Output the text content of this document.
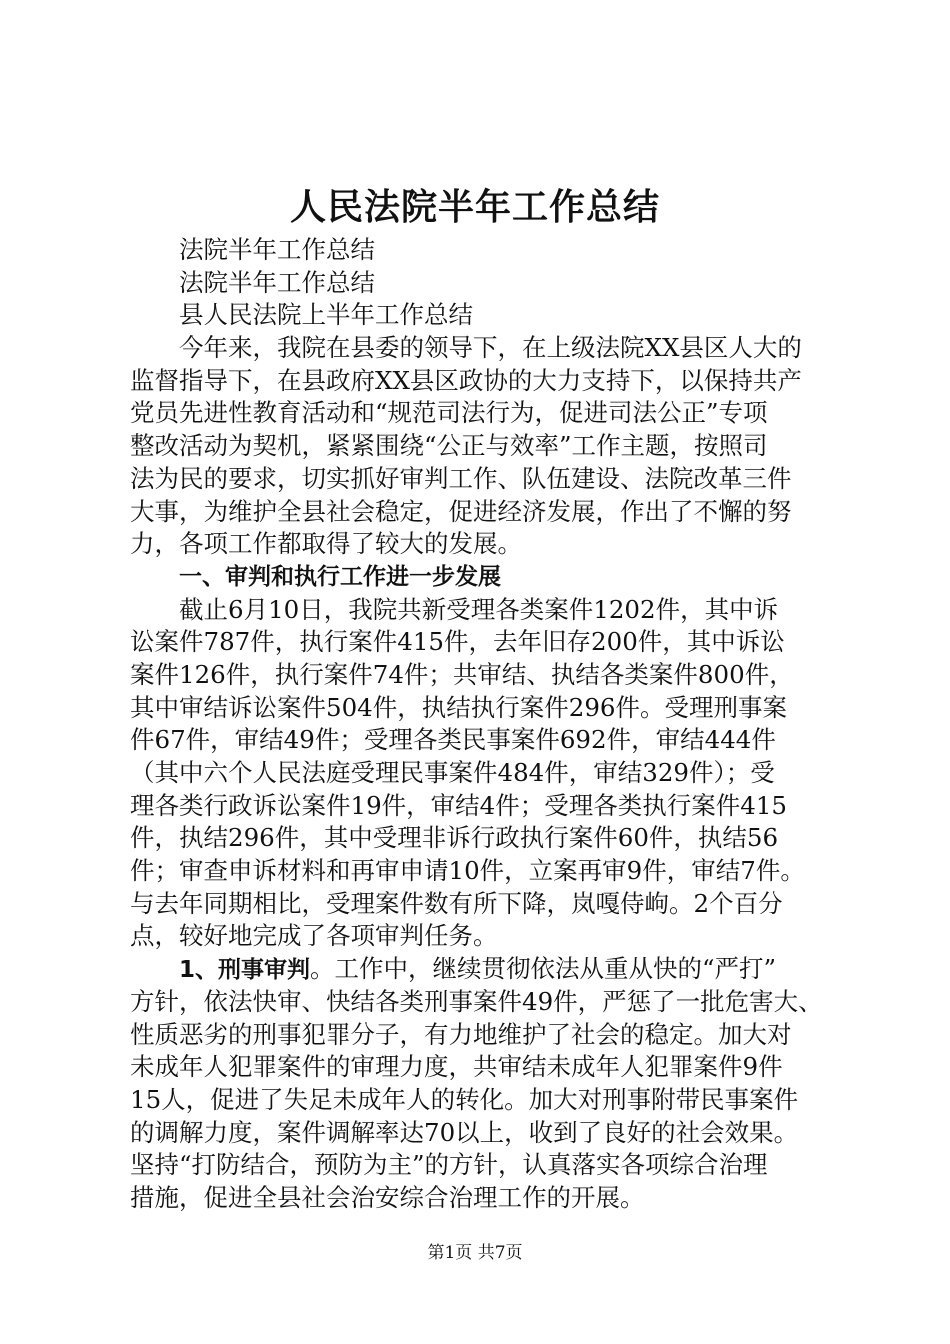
人民法院半年工作总结
法院半年工作总结
法院半年工作总结
县人民法院上半年工作总结
今年来，我院在县委的领导下，在上级法院XX县区人大的
监督指导下，在县政府XX县区政协的大力支持下，以保持共产
党员先进性教育活动和“规范司法行为，促进司法公正”专项
整改活动为契机，紧紧围绕“公正与效率”工作主题，按照司
法为民的要求，切实抓好审判工作、队伍建设、法院改革三件
大事，为维护全县社会稳定，促进经济发展，作出了不懈的努
力，各项工作都取得了较大的发展。
一、审判和执行工作进一步发展
截止6月10日，我院共新受理各类案件1202件，其中诉
讼案件787件，执行案件415件，去年旧存200件，其中诉讼
案件126件，执行案件74件；共审结、执结各类案件800件，
其中审结诉讼案件504件，执结执行案件296件。受理刑事案
件67件，审结49件；受理各类民事案件692件，审结444件
（其中六个人民法庭受理民事案件484件，审结329件）；受
理各类行政诉讼案件19件，审结4件；受理各类执行案件415
件，执结296件，其中受理非诉行政执行案件60件，执结56
件；审查申诉材料和再审申请10件，立案再审9件，审结7件。
与去年同期相比，受理案件数有所下降，岚嘎侍岣。2个百分
点，较好地完成了各项审判任务。
1、刑事审判。工作中，继续贯彻依法从重从快的“严打”
方针，依法快审、快结各类刑事案件49件，严惩了一批危害大、
性质恶劣的刑事犯罪分子，有力地维护了社会的稳定。加大对
未成年人犯罪案件的审理力度，共审结未成年人犯罪案件9件
15人，促进了失足未成年人的转化。加大对刑事附带民事案件
的调解力度，案件调解率达70以上，收到了良好的社会效果。
坚持“打防结合，预防为主”的方针，认真落实各项综合治理
措施，促进全县社会治安综合治理工作的开展。
第1页 共7页
